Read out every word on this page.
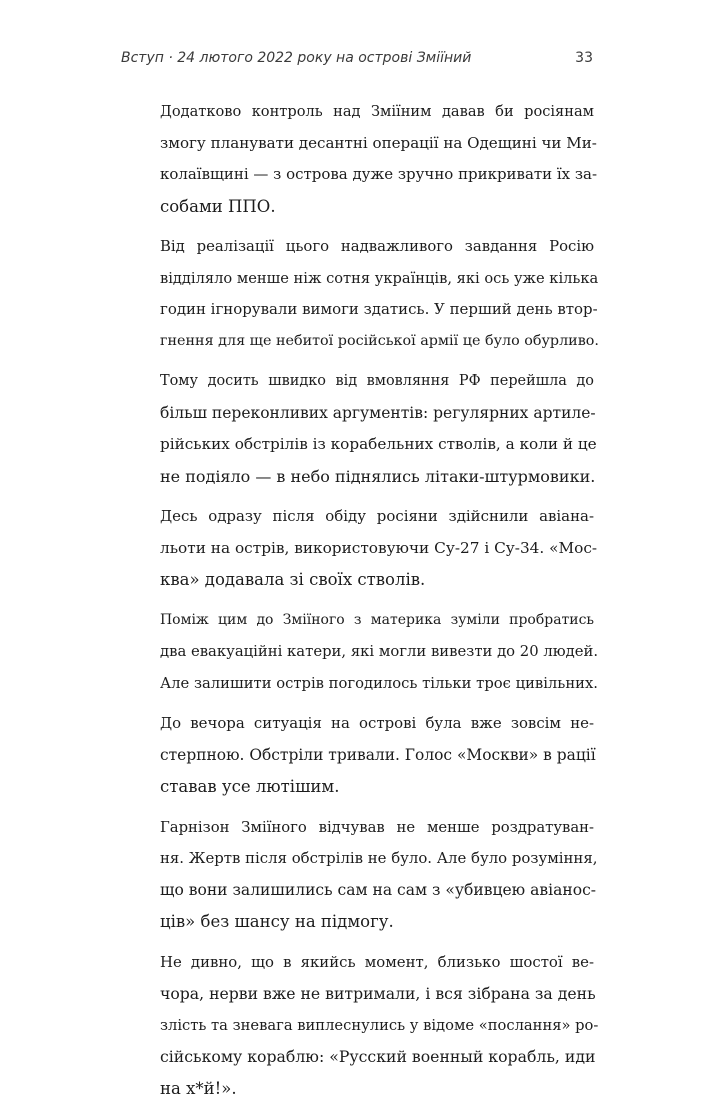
Вступ · 24 лютого 2022 року на острові Зміїний	33

Додатково контроль над Зміїним давав би росіянам
змогу планувати десантні операції на Одещині чи Ми-
колаївщині — з острова дуже зручно прикривати їх за-
собами ППО.

Від реалізації цього надважливого завдання Росію
відділяло менше ніж сотня українців, які ось уже кілька
годин ігнорували вимоги здатись. У перший день втор-
гнення для ще небитої російської армії це було обурливо.

Тому досить швидко від вмовляння РФ перейшла до
більш переконливих аргументів: регулярних артиле-
рійських обстрілів із корабельних стволів, а коли й це
не подіяло — в небо піднялись літаки-штурмовики.

Десь одразу після обіду росіяни здійснили авіана-
льоти на острів, використовуючи Су-27 і Су-34. «Мос-
ква» додавала зі своїх стволів.

Поміж цим до Зміїного з материка зуміли пробратись
два евакуаційні катери, які могли вивезти до 20 людей.
Але залишити острів погодилось тільки троє цивільних.

До вечора ситуація на острові була вже зовсім не-
стерпною. Обстріли тривали. Голос «Москви» в рації
ставав усе лютішим.

Гарнізон Зміїного відчував не менше роздратуван-
ня. Жертв після обстрілів не було. Але було розуміння,
що вони залишились сам на сам з «убивцею авіанос-
ців» без шансу на підмогу.

Не дивно, що в якийсь момент, близько шостої ве-
чора, нерви вже не витримали, і вся зібрана за день
злість та зневага виплеснулись у відоме «послання» ро-
сійському кораблю: «Русский военный корабль, иди
на х*й!».
